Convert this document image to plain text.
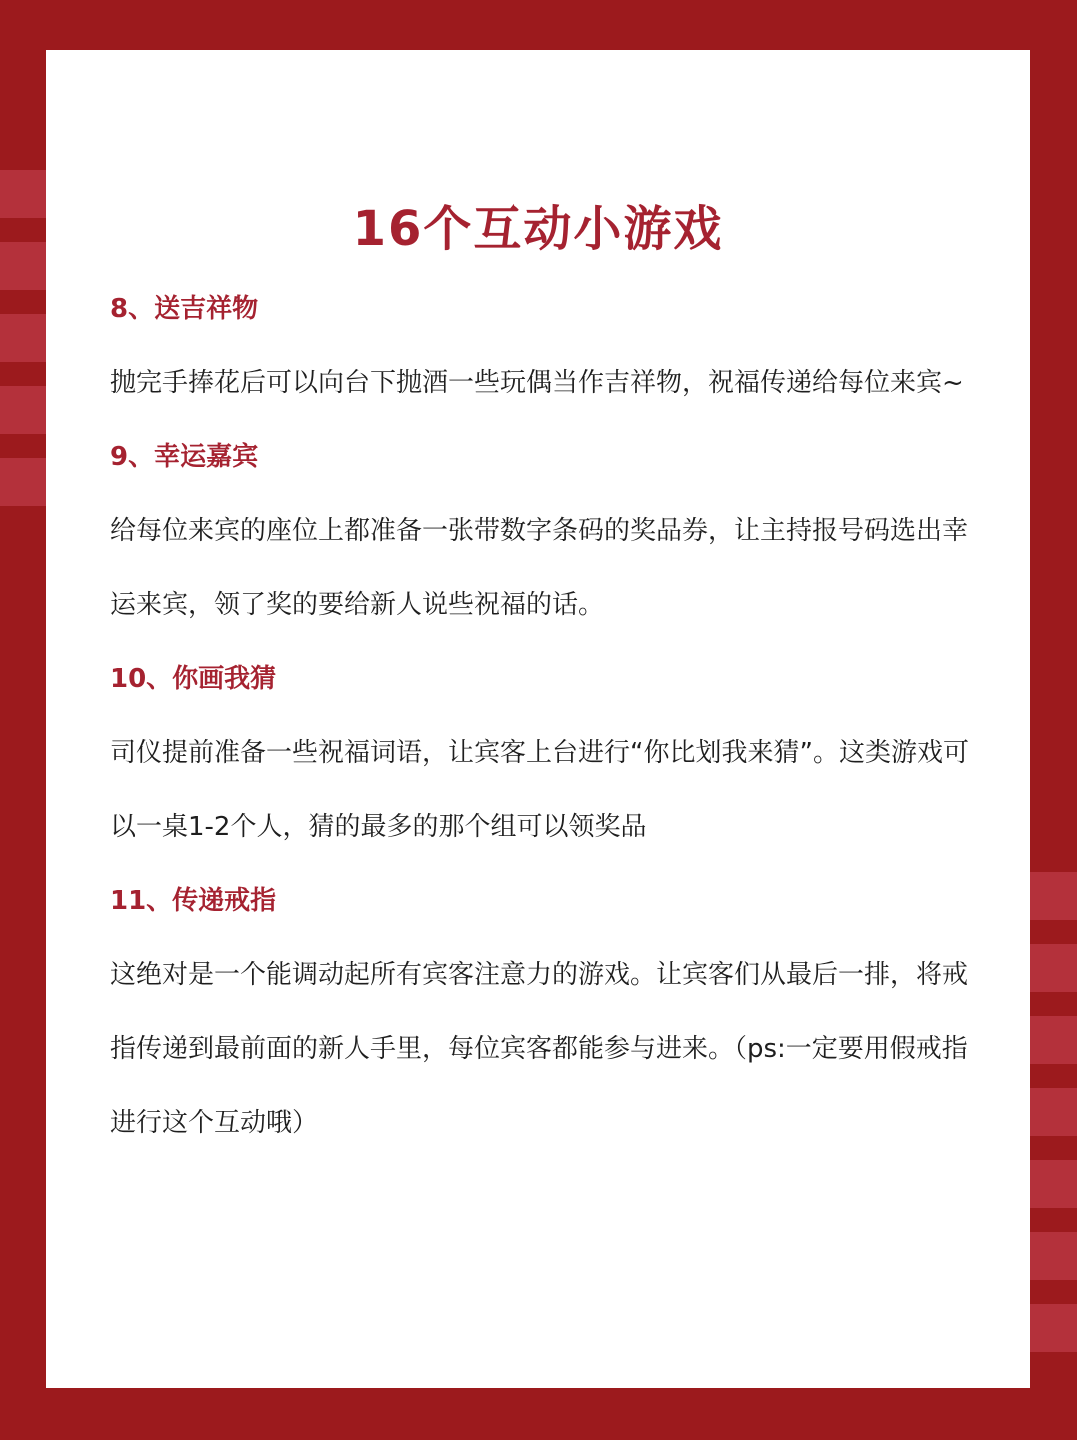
16个互动小游戏
8、送吉祥物

抛完手捧花后可以向台下抛酒一些玩偶当作吉祥物，祝福传递给每位来宾~

9、幸运嘉宾

给每位来宾的座位上都准备一张带数字条码的奖品券，让主持报号码选出幸运来宾，领了奖的要给新人说些祝福的话。

10、你画我猜

司仪提前准备一些祝福词语，让宾客上台进行“你比划我来猜”。这类游戏可以一桌1-2个人，猜的最多的那个组可以领奖品

11、传递戒指

这绝对是一个能调动起所有宾客注意力的游戏。让宾客们从最后一排，将戒指传递到最前面的新人手里，每位宾客都能参与进来。（ps:一定要用假戒指进行这个互动哦）
